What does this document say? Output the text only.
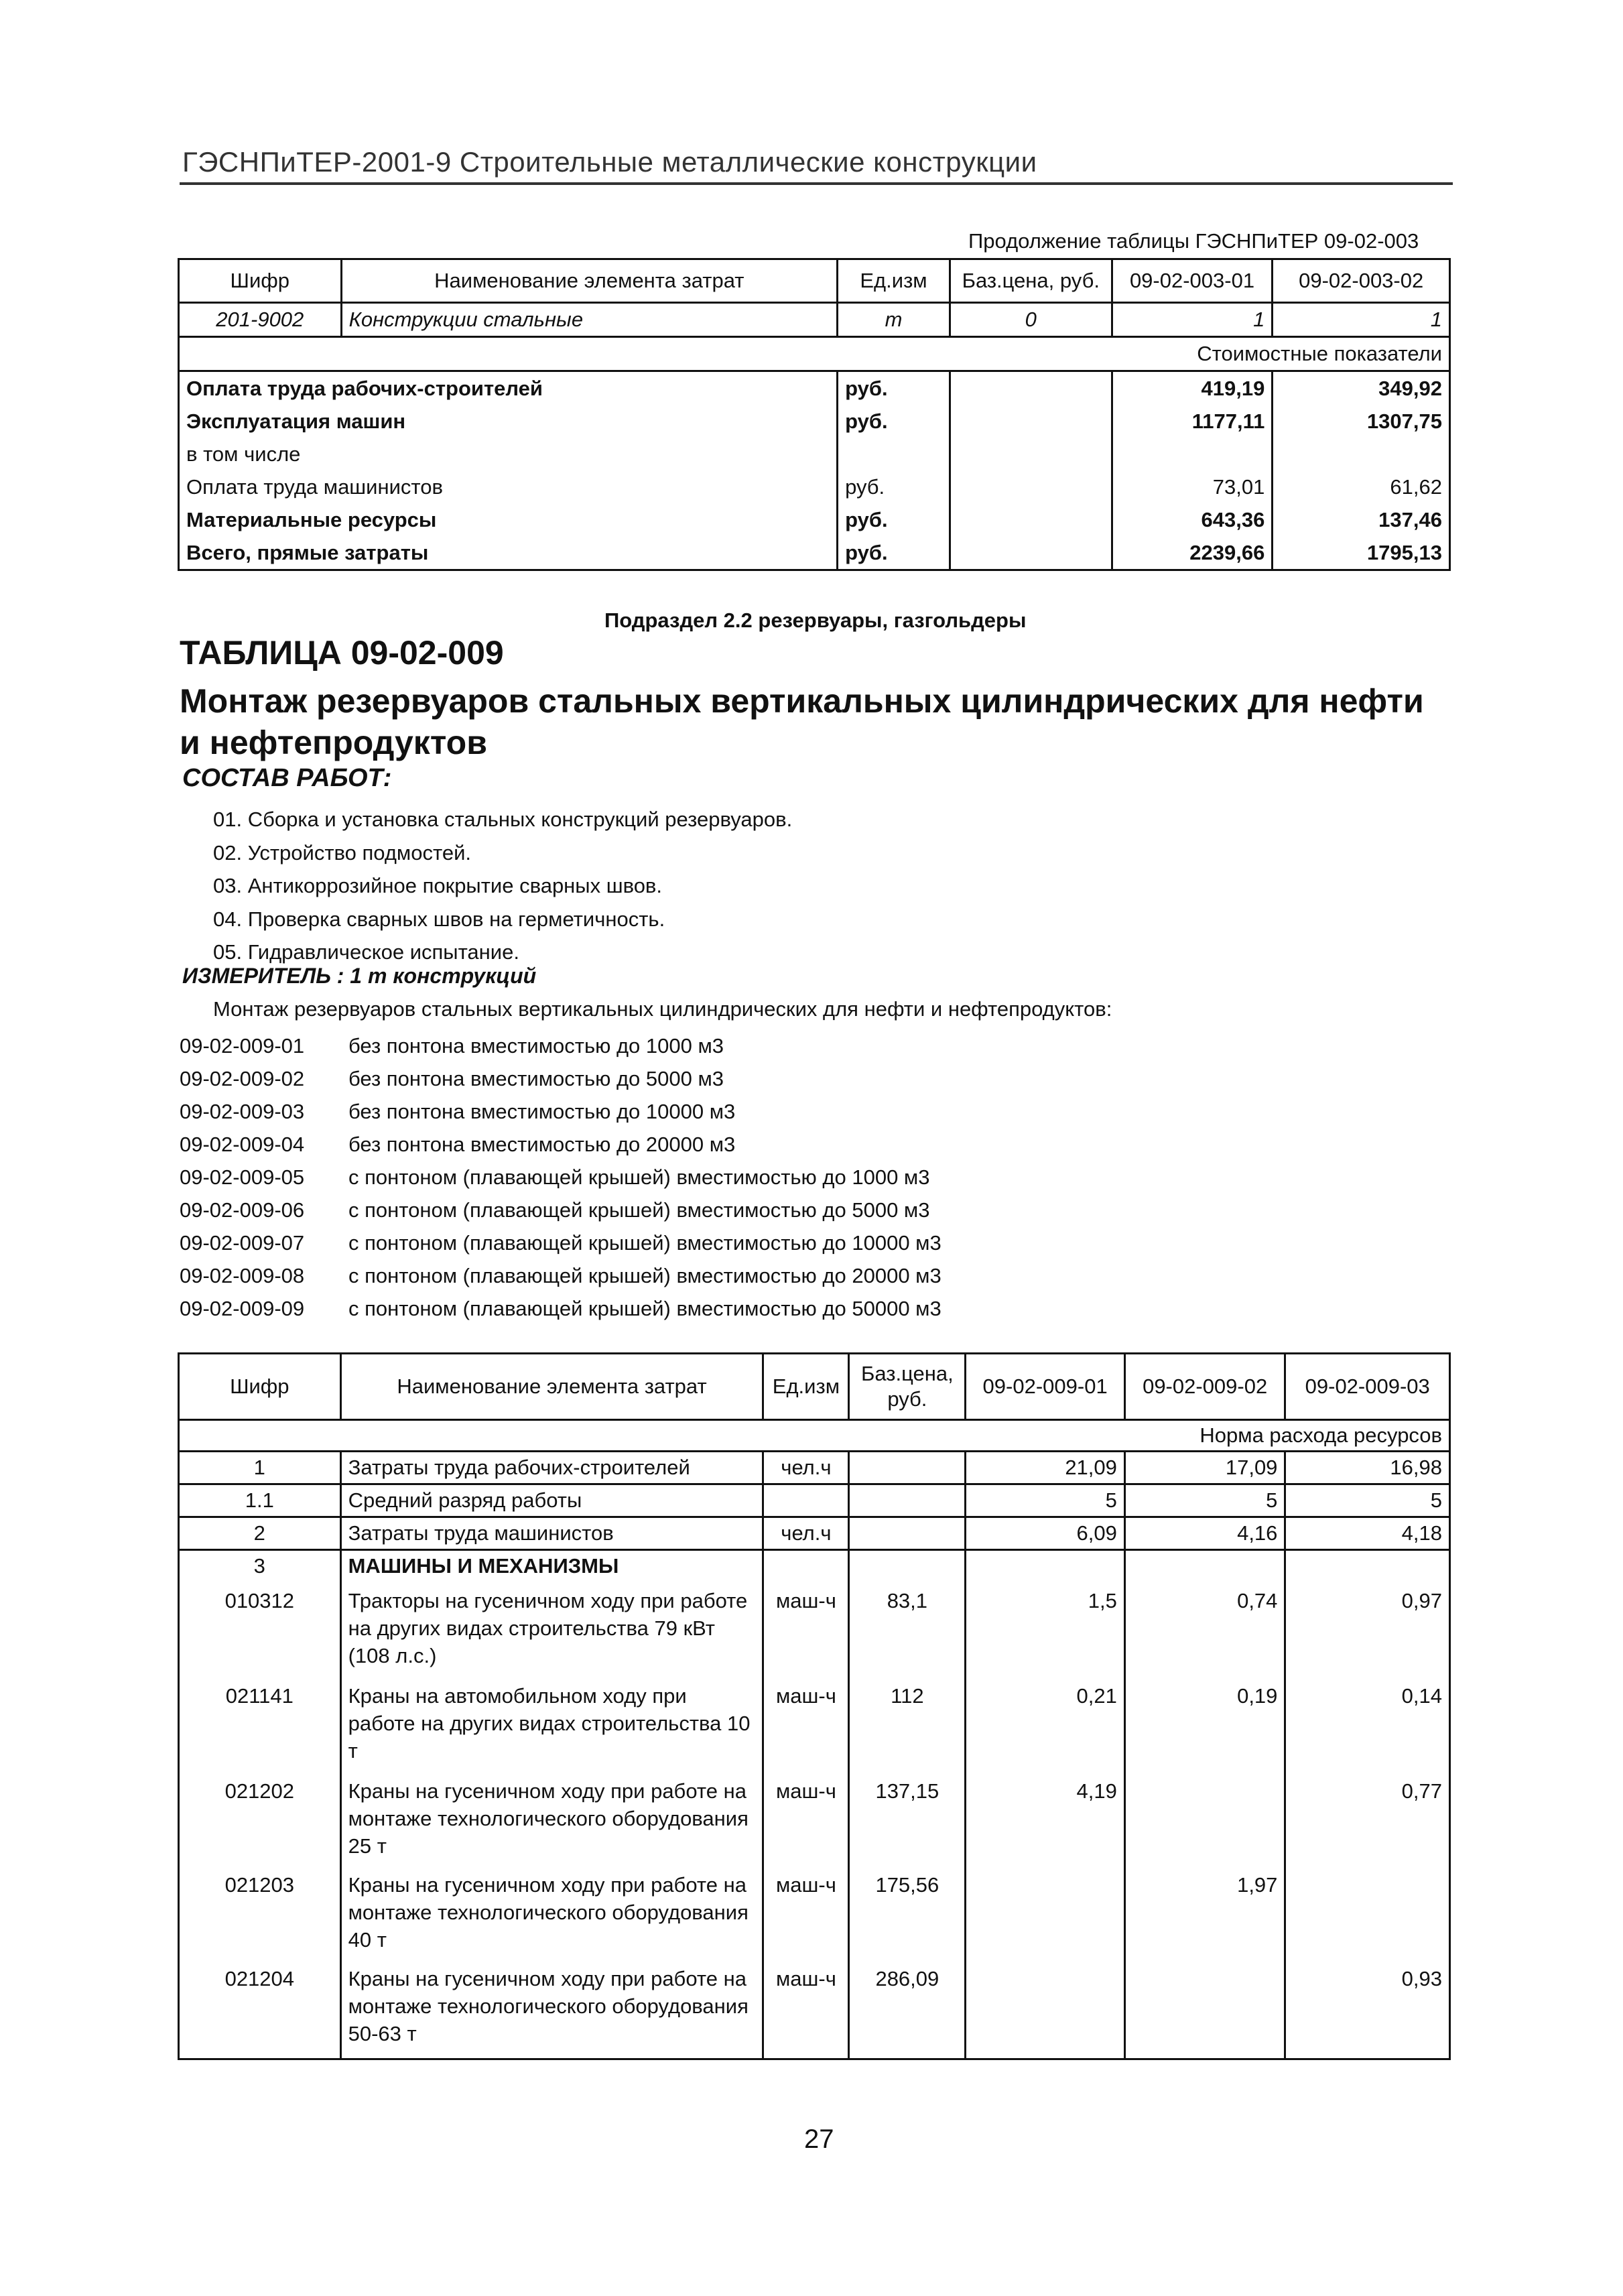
ГЭСНПиТЕР-2001-9 Строительные металлические конструкции
Продолжение таблицы ГЭСНПиТЕР 09-02-003
Шифр	Наименование элемента затрат	Ед.изм	Баз.цена, руб.	09-02-003-01	09-02-003-02
201-9002	Конструкции стальные	т	0	1	1
Стоимостные показатели					
Оплата труда рабочих-строителей		руб.		419,19	349,92
Эксплуатация машин		руб.		1177,11	1307,75
в том числе					
Оплата труда машинистов		руб.		73,01	61,62
Материальные ресурсы		руб.		643,36	137,46
Всего, прямые затраты		руб.		2239,66	1795,13
Подраздел 2.2 резервуары, газгольдеры
ТАБЛИЦА 09-02-009
Монтаж резервуаров стальных вертикальных цилиндрических для нефти и нефтепродуктов
СОСТАВ РАБОТ:
01. Сборка и установка стальных конструкций резервуаров.
02. Устройство подмостей.
03. Антикоррозийное покрытие сварных швов.
04. Проверка сварных швов на герметичность.
05. Гидравлическое испытание.
ИЗМЕРИТЕЛЬ : 1 т конструкций
Монтаж резервуаров стальных вертикальных цилиндрических для нефти и нефтепродуктов:
09-02-009-01	без понтона вместимостью до 1000 м3
09-02-009-02	без понтона вместимостью до 5000 м3
09-02-009-03	без понтона вместимостью до 10000 м3
09-02-009-04	без понтона вместимостью до 20000 м3
09-02-009-05	с понтоном (плавающей крышей) вместимостью до 1000 м3
09-02-009-06	с понтоном (плавающей крышей) вместимостью до 5000 м3
09-02-009-07	с понтоном (плавающей крышей) вместимостью до 10000 м3
09-02-009-08	с понтоном (плавающей крышей) вместимостью до 20000 м3
09-02-009-09	с понтоном (плавающей крышей) вместимостью до 50000 м3
Шифр	Наименование элемента затрат	Ед.изм	Баз.цена, руб.	09-02-009-01	09-02-009-02	09-02-009-03
Норма расхода ресурсов						
1	Затраты труда рабочих-строителей	чел.ч		21,09	17,09	16,98
1.1	Средний разряд работы			5	5	5
2	Затраты труда машинистов	чел.ч		6,09	4,16	4,18
3	МАШИНЫ И МЕХАНИЗМЫ					
010312	Тракторы на гусеничном ходу при работе на других видах строительства 79 кВт (108 л.с.)	маш-ч	83,1	1,5	0,74	0,97
021141	Краны на автомобильном ходу при работе на других видах строительства 10 т	маш-ч	112	0,21	0,19	0,14
021202	Краны на гусеничном ходу при работе на монтаже технологического оборудования 25 т	маш-ч	137,15	4,19		0,77
021203	Краны на гусеничном ходу при работе на монтаже технологического оборудования 40 т	маш-ч	175,56		1,97	
021204	Краны на гусеничном ходу при работе на монтаже технологического оборудования 50-63 т	маш-ч	286,09			0,93
27
